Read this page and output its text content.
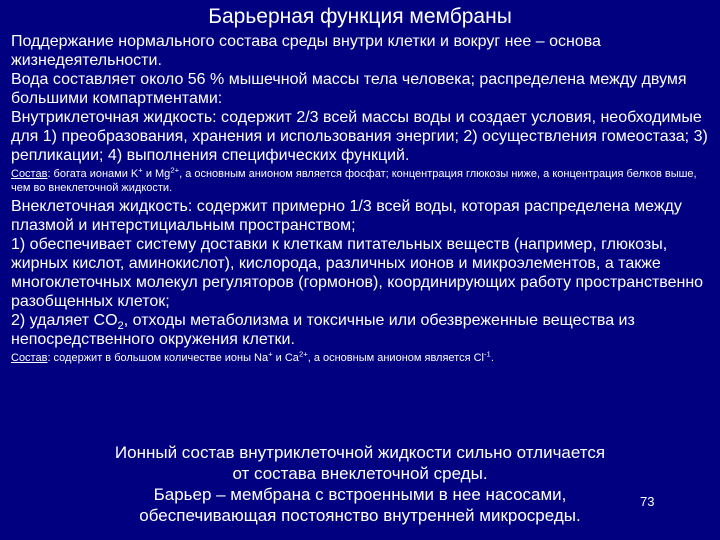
Барьерная функция мембраны

Поддержание нормального состава среды внутри клетки и вокруг нее – основа жизнедеятельности.

Вода составляет около 56 % мышечной массы тела человека; распределена между двумя большими компартментами:

Внутриклеточная жидкость: содержит 2/3 всей массы воды и создает условия, необходимые для 1) преобразования, хранения и использования энергии; 2) осуществления гомеостаза; 3) репликации; 4) выполнения специфических функций.

Состав: богата ионами K+ и $Mg^{2+}$, а основным анионом является фосфат; концентрация глюкозы ниже, а концентрация белков выше, чем во внеклеточной жидкости.

Внеклеточная жидкость: содержит примерно 1/3 всей воды, которая распределена между плазмой и интерстициальным пространством;

1) обеспечивает систему доставки к клеткам питательных веществ (например, глюкозы, жирных кислот, аминокислот), кислорода, различных ионов и микроэлементов, а также многоклеточных молекул регуляторов (гормонов), координирующих работу пространственно разобщенных клеток;

2) удаляет $CO_2$, отходы метаболизма и токсичные или обезвреженные вещества из непосредственного окружения клетки.

Состав: содержит в большом количестве ионы Na+ и $Ca^{2+}$, а основным анионом является $Cl^{-1}$.

Ионный состав внутриклеточной жидкости сильно отличается
от состава внеклеточной среды.
Барьер – мембрана с встроенными в нее насосами,
обеспечивающая постоянство внутренней микросреды.
73
